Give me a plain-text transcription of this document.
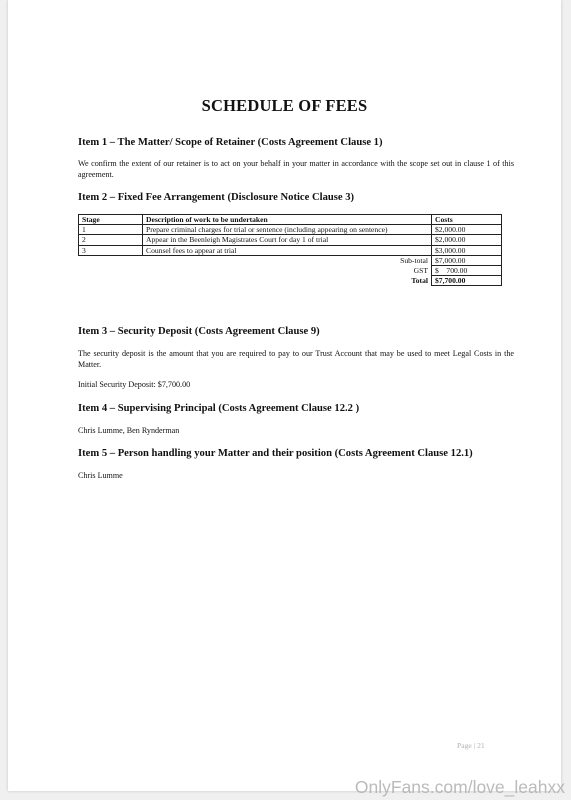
SCHEDULE OF FEES
Item 1 – The Matter/ Scope of Retainer (Costs Agreement Clause 1)

We confirm the extent of our retainer is to act on your behalf in your matter in accordance with the scope set out in clause 1 of this agreement.

Item 2 – Fixed Fee Arrangement (Disclosure Notice Clause 3)
Stage	Description of work to be undertaken	Costs
1	Prepare criminal charges for trial or sentence (including appearing on sentence)	$2,000.00
2	Appear in the Beenleigh Magistrates Court for day 1 of trial	$2,000.00
3	Counsel fees to appear at trial	$3,000.00
Sub-total		$7,000.00
GST		$    700.00
Total		$7,700.00
Item 3 – Security Deposit (Costs Agreement Clause 9)

The security deposit is the amount that you are required to pay to our Trust Account that may be used to meet Legal Costs in the Matter.

Initial Security Deposit: $7,700.00

Item 4 – Supervising Principal (Costs Agreement Clause 12.2 )

Chris Lumme, Ben Rynderman

Item 5 – Person handling your Matter and their position (Costs Agreement Clause 12.1)

Chris Lumme

Page | 21
OnlyFans.com/love_leahxx
